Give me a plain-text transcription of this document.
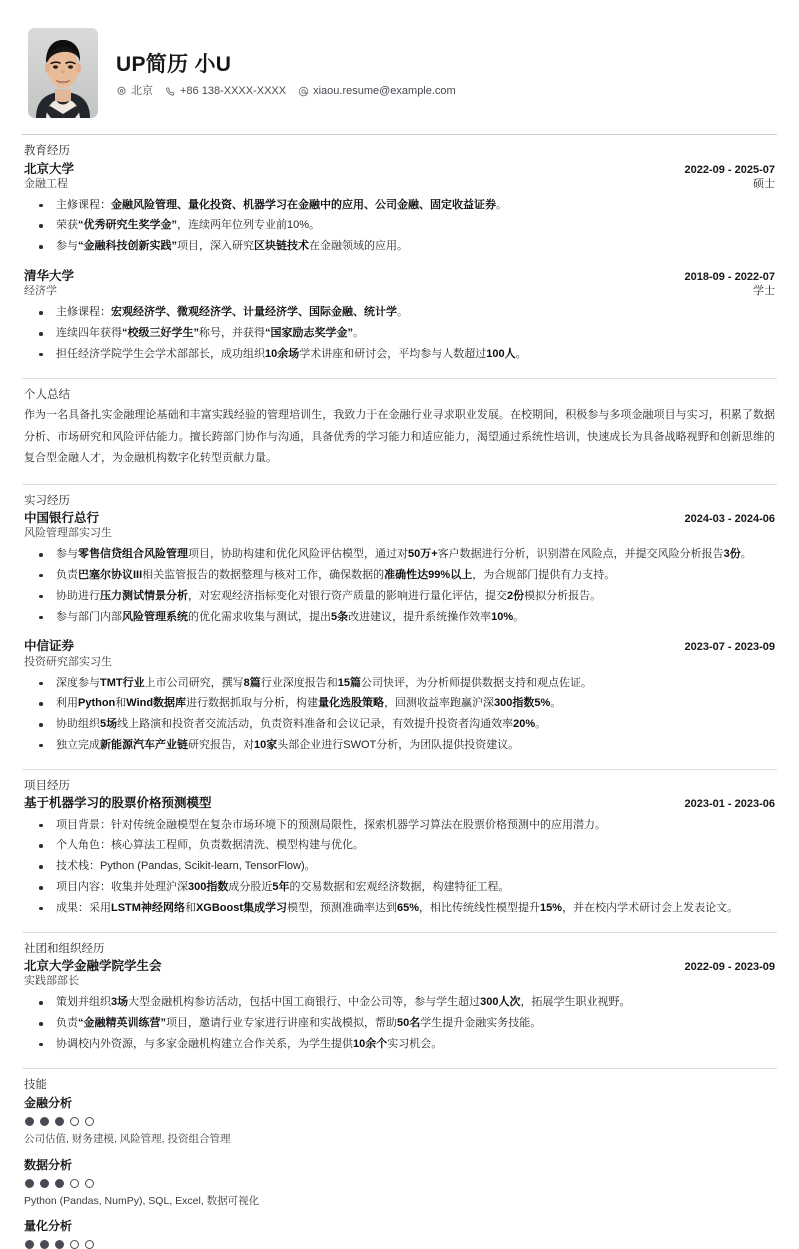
UP简历 小U
北京 +86 138-XXXX-XXXX xiaou.resume@example.com
教育经历
北京大学	2022-09 - 2025-07
金融工程	硕士
主修课程：金融风险管理、量化投资、机器学习在金融中的应用、公司金融、固定收益证券。
荣获“优秀研究生奖学金”，连续两年位列专业前10%。
参与“金融科技创新实践”项目，深入研究区块链技术在金融领域的应用。
清华大学	2018-09 - 2022-07
经济学	学士
主修课程：宏观经济学、微观经济学、计量经济学、国际金融、统计学。
连续四年获得“校级三好学生”称号，并获得“国家励志奖学金”。
担任经济学院学生会学术部部长，成功组织10余场学术讲座和研讨会，平均参与人数超过100人。
个人总结
作为一名具备扎实金融理论基础和丰富实践经验的管理培训生，我致力于在金融行业寻求职业发展。在校期间，积极参与多项金融项目与实习，积累了数据分析、市场研究和风险评估能力。擅长跨部门协作与沟通，具备优秀的学习能力和适应能力，渴望通过系统性培训，快速成长为具备战略视野和创新思维的复合型金融人才，为金融机构数字化转型贡献力量。
实习经历
中国银行总行	2024-03 - 2024-06
风险管理部实习生
参与零售信贷组合风险管理项目，协助构建和优化风险评估模型，通过对50万+客户数据进行分析，识别潜在风险点，并提交风险分析报告3份。
负责巴塞尔协议III相关监管报告的数据整理与核对工作，确保数据的准确性达99%以上，为合规部门提供有力支持。
协助进行压力测试情景分析，对宏观经济指标变化对银行资产质量的影响进行量化评估，提交2份模拟分析报告。
参与部门内部风险管理系统的优化需求收集与测试，提出5条改进建议，提升系统操作效率10%。
中信证券	2023-07 - 2023-09
投资研究部实习生
深度参与TMT行业上市公司研究，撰写8篇行业深度报告和15篇公司快评，为分析师提供数据支持和观点佐证。
利用Python和Wind数据库进行数据抓取与分析，构建量化选股策略，回测收益率跑赢沪深300指数5%。
协助组织5场线上路演和投资者交流活动，负责资料准备和会议记录，有效提升投资者沟通效率20%。
独立完成新能源汽车产业链研究报告，对10家头部企业进行SWOT分析，为团队提供投资建议。
项目经历
基于机器学习的股票价格预测模型	2023-01 - 2023-06
项目背景：针对传统金融模型在复杂市场环境下的预测局限性，探索机器学习算法在股票价格预测中的应用潜力。
个人角色：核心算法工程师，负责数据清洗、模型构建与优化。
技术栈：Python (Pandas, Scikit-learn, TensorFlow)。
项目内容：收集并处理沪深300指数成分股近5年的交易数据和宏观经济数据，构建特征工程。
成果：采用LSTM神经网络和XGBoost集成学习模型，预测准确率达到65%，相比传统线性模型提升15%，并在校内学术研讨会上发表论文。
社团和组织经历
北京大学金融学院学生会	2022-09 - 2023-09
实践部部长
策划并组织3场大型金融机构参访活动，包括中国工商银行、中金公司等，参与学生超过300人次，拓展学生职业视野。
负责“金融精英训练营”项目，邀请行业专家进行讲座和实战模拟，帮助50名学生提升金融实务技能。
协调校内外资源，与多家金融机构建立合作关系，为学生提供10余个实习机会。
技能
金融分析
公司估值, 财务建模, 风险管理, 投资组合管理
数据分析
Python (Pandas, NumPy), SQL, Excel, 数据可视化
量化分析
